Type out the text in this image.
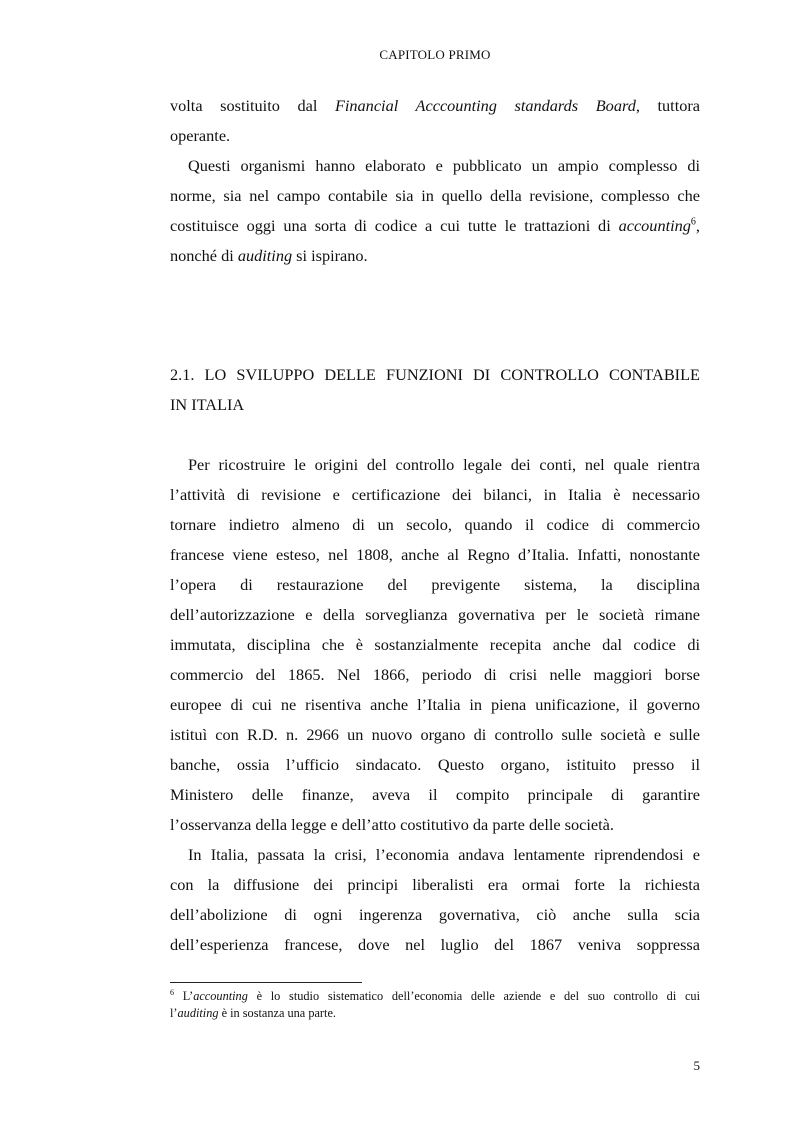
CAPITOLO PRIMO
volta sostituito dal Financial Acccounting standards Board, tuttora
operante.
Questi organismi hanno elaborato e pubblicato un ampio complesso di
norme, sia nel campo contabile sia in quello della revisione, complesso che
costituisce oggi una sorta di codice a cui tutte le trattazioni di accounting$^6$,
nonché di auditing si ispirano.
2.1. LO SVILUPPO DELLE FUNZIONI DI CONTROLLO CONTABILE
IN ITALIA
Per ricostruire le origini del controllo legale dei conti, nel quale rientra
l’attività di revisione e certificazione dei bilanci, in Italia è necessario
tornare indietro almeno di un secolo, quando il codice di commercio
francese viene esteso, nel 1808, anche al Regno d’Italia. Infatti, nonostante
l’opera di restaurazione del previgente sistema, la disciplina
dell’autorizzazione e della sorveglianza governativa per le società rimane
immutata, disciplina che è sostanzialmente recepita anche dal codice di
commercio del 1865. Nel 1866, periodo di crisi nelle maggiori borse
europee di cui ne risentiva anche l’Italia in piena unificazione, il governo
istituì con R.D. n. 2966 un nuovo organo di controllo sulle società e sulle
banche, ossia l’ufficio sindacato. Questo organo, istituito presso il
Ministero delle finanze, aveva il compito principale di garantire
l’osservanza della legge e dell’atto costitutivo da parte delle società.
In Italia, passata la crisi, l’economia andava lentamente riprendendosi e
con la diffusione dei principi liberalisti era ormai forte la richiesta
dell’abolizione di ogni ingerenza governativa, ciò anche sulla scia
dell’esperienza francese, dove nel luglio del 1867 veniva soppressa
$^6$ L’accounting è lo studio sistematico dell’economia delle aziende e del suo controllo di cui
l’auditing è in sostanza una parte.
5
